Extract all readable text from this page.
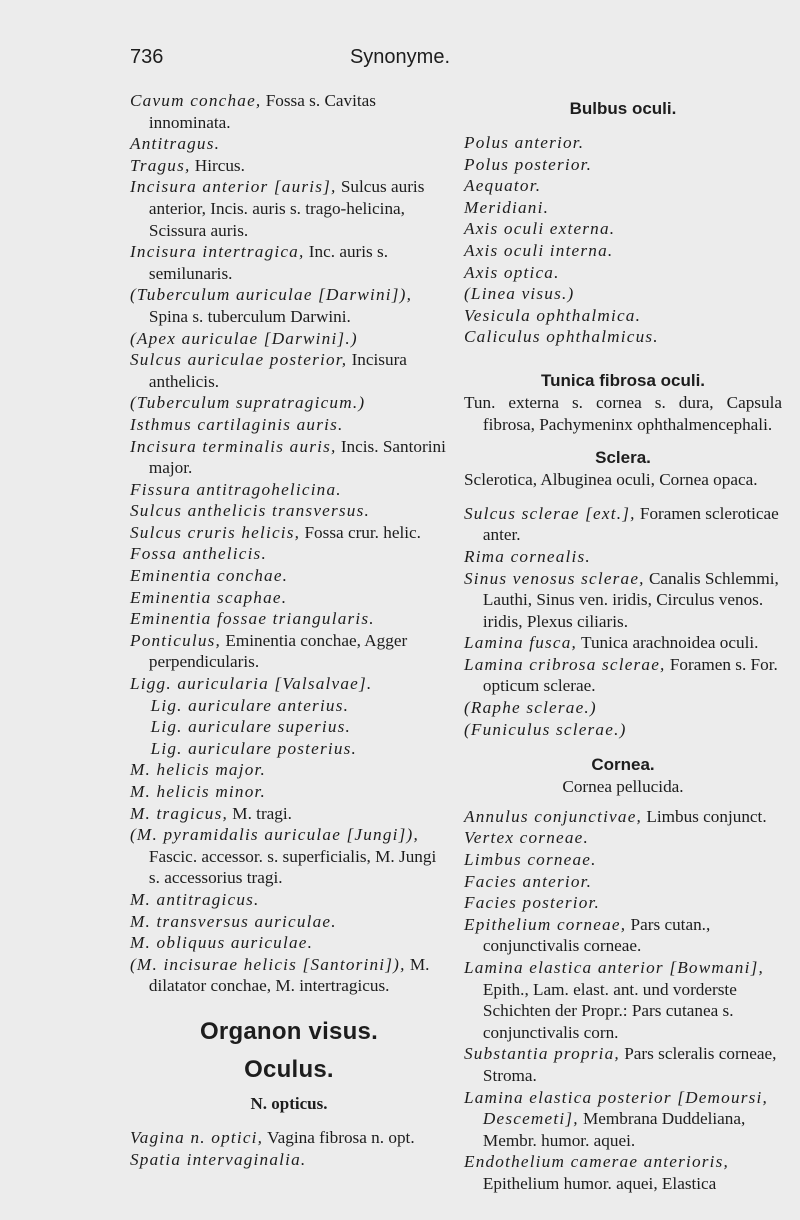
Synonyme.
736

Cavum conchae, Fossa s. Cavitas innominata.

Antitragus.

Tragus, Hircus.

Incisura anterior [auris], Sulcus auris anterior, Incis. auris s. trago-helicina, Scissura auris.

Incisura intertragica, Inc. auris s. semilunaris.

(Tuberculum auriculae [Darwini]), Spina s. tuberculum Darwini.

(Apex auriculae [Darwini].)

Sulcus auriculae posterior, Incisura anthelicis.

(Tuberculum supratragicum.)

Isthmus cartilaginis auris.

Incisura terminalis auris, Incis. Santorini major.

Fissura antitragohelicina.

Sulcus anthelicis transversus.

Sulcus cruris helicis, Fossa crur. helic.

Fossa anthelicis.

Eminentia conchae.

Eminentia scaphae.

Eminentia fossae triangularis.

Ponticulus, Eminentia conchae, Agger perpendicularis.

Ligg. auricularia [Valsalvae].

Lig. auriculare anterius.

Lig. auriculare superius.

Lig. auriculare posterius.

M. helicis major.

M. helicis minor.

M. tragicus, M. tragi.

(M. pyramidalis auriculae [Jungi]), Fascic. accessor. s. superficialis, M. Jungi s. accessorius tragi.

M. antitragicus.

M. transversus auriculae.

M. obliquus auriculae.

(M. incisurae helicis [Santorini]), M. dilatator conchae, M. intertragicus.

Organon visus.

Oculus.

N. opticus.

Vagina n. optici, Vagina fibrosa n. opt.

Spatia intervaginalia.

Bulbus oculi.

Polus anterior.

Polus posterior.

Aequator.

Meridiani.

Axis oculi externa.

Axis oculi interna.

Axis optica.

(Linea visus.)

Vesicula ophthalmica.

Caliculus ophthalmicus.

Tunica fibrosa oculi.

Tun. externa s. cornea s. dura, Capsula fibrosa, Pachymeninx ophthalmencephali.

Sclera.

Sclerotica, Albuginea oculi, Cornea opaca.

Sulcus sclerae [ext.], Foramen scleroticae anter.

Rima cornealis.

Sinus venosus sclerae, Canalis Schlemmi, Lauthi, Sinus ven. iridis, Circulus venos. iridis, Plexus ciliaris.

Lamina fusca, Tunica arachnoidea oculi.

Lamina cribrosa sclerae, Foramen s. For. opticum sclerae.

(Raphe sclerae.)

(Funiculus sclerae.)

Cornea.

Cornea pellucida.

Annulus conjunctivae, Limbus conjunct.

Vertex corneae.

Limbus corneae.

Facies anterior.

Facies posterior.

Epithelium corneae, Pars cutan., conjunctivalis corneae.

Lamina elastica anterior [Bowmani], Epith., Lam. elast. ant. und vorderste Schichten der Propr.: Pars cutanea s. conjunctivalis corn.

Substantia propria, Pars scleralis corneae, Stroma.

Lamina elastica posterior [Demoursi, Descemeti], Membrana Duddeliana, Membr. humor. aquei.

Endothelium camerae anterioris, Epithelium humor. aquei, Elastica
